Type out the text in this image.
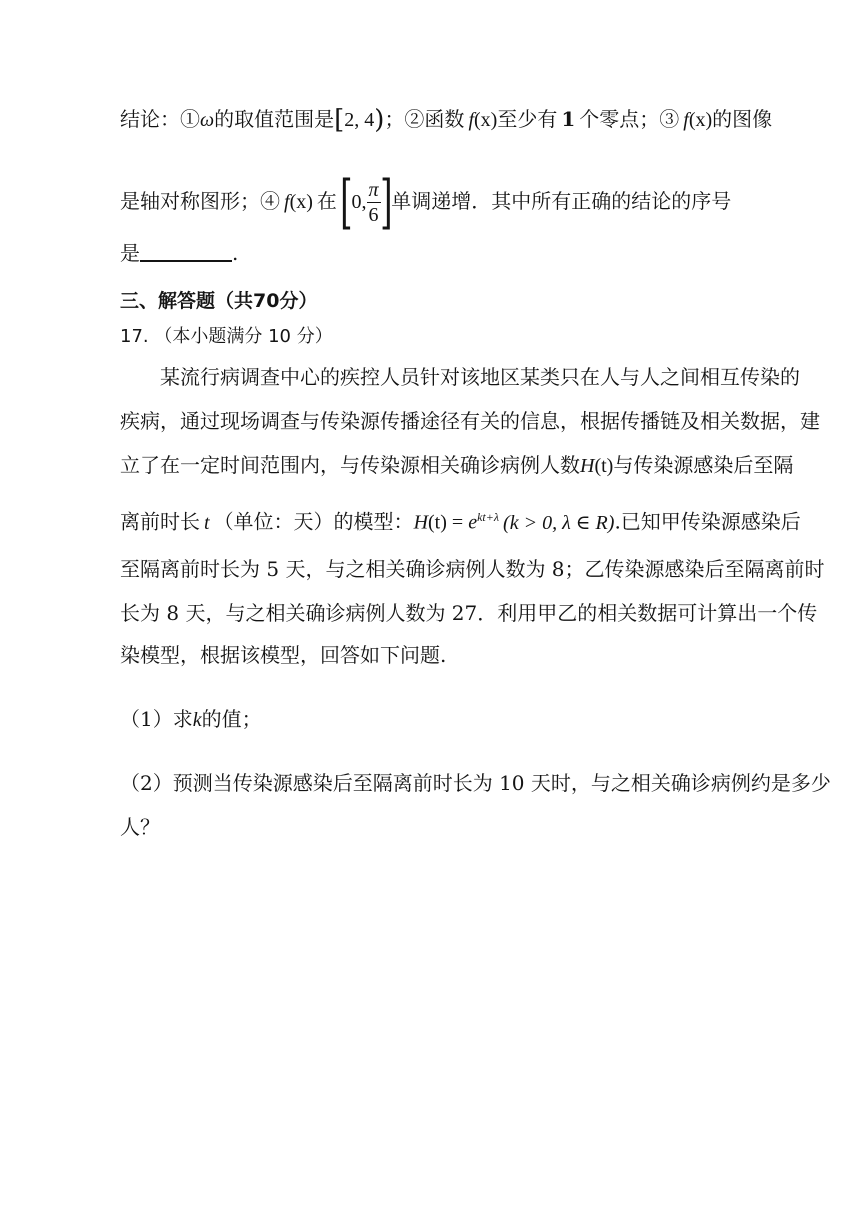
结论：①ω的取值范围是[2, 4)；②函数 f(x)至少有 1 个零点；③ f(x)的图像
是轴对称图形；④ f(x) 在[0, $\frac{\pi}{6}$ ]单调递增．其中所有正确的结论的序号
是	.
三、解答题（共70分）
17. （本小题满分 10 分）
某流行病调查中心的疾控人员针对该地区某类只在人与人之间相互传染的
疾病，通过现场调查与传染源传播途径有关的信息，根据传播链及相关数据，建
立了在一定时间范围内，与传染源相关确诊病例人数H(t)与传染源感染后至隔
离前时长 t （单位：天）的模型：$H(t) = e^{kt+\lambda}$ (k > 0, λ ∈ R).已知甲传染源感染后
至隔离前时长为 5 天，与之相关确诊病例人数为 8；乙传染源感染后至隔离前时
长为 8 天，与之相关确诊病例人数为 27．利用甲乙的相关数据可计算出一个传
染模型，根据该模型，回答如下问题.
（1）求k的值；
（2）预测当传染源感染后至隔离前时长为 10 天时，与之相关确诊病例约是多少
人？
